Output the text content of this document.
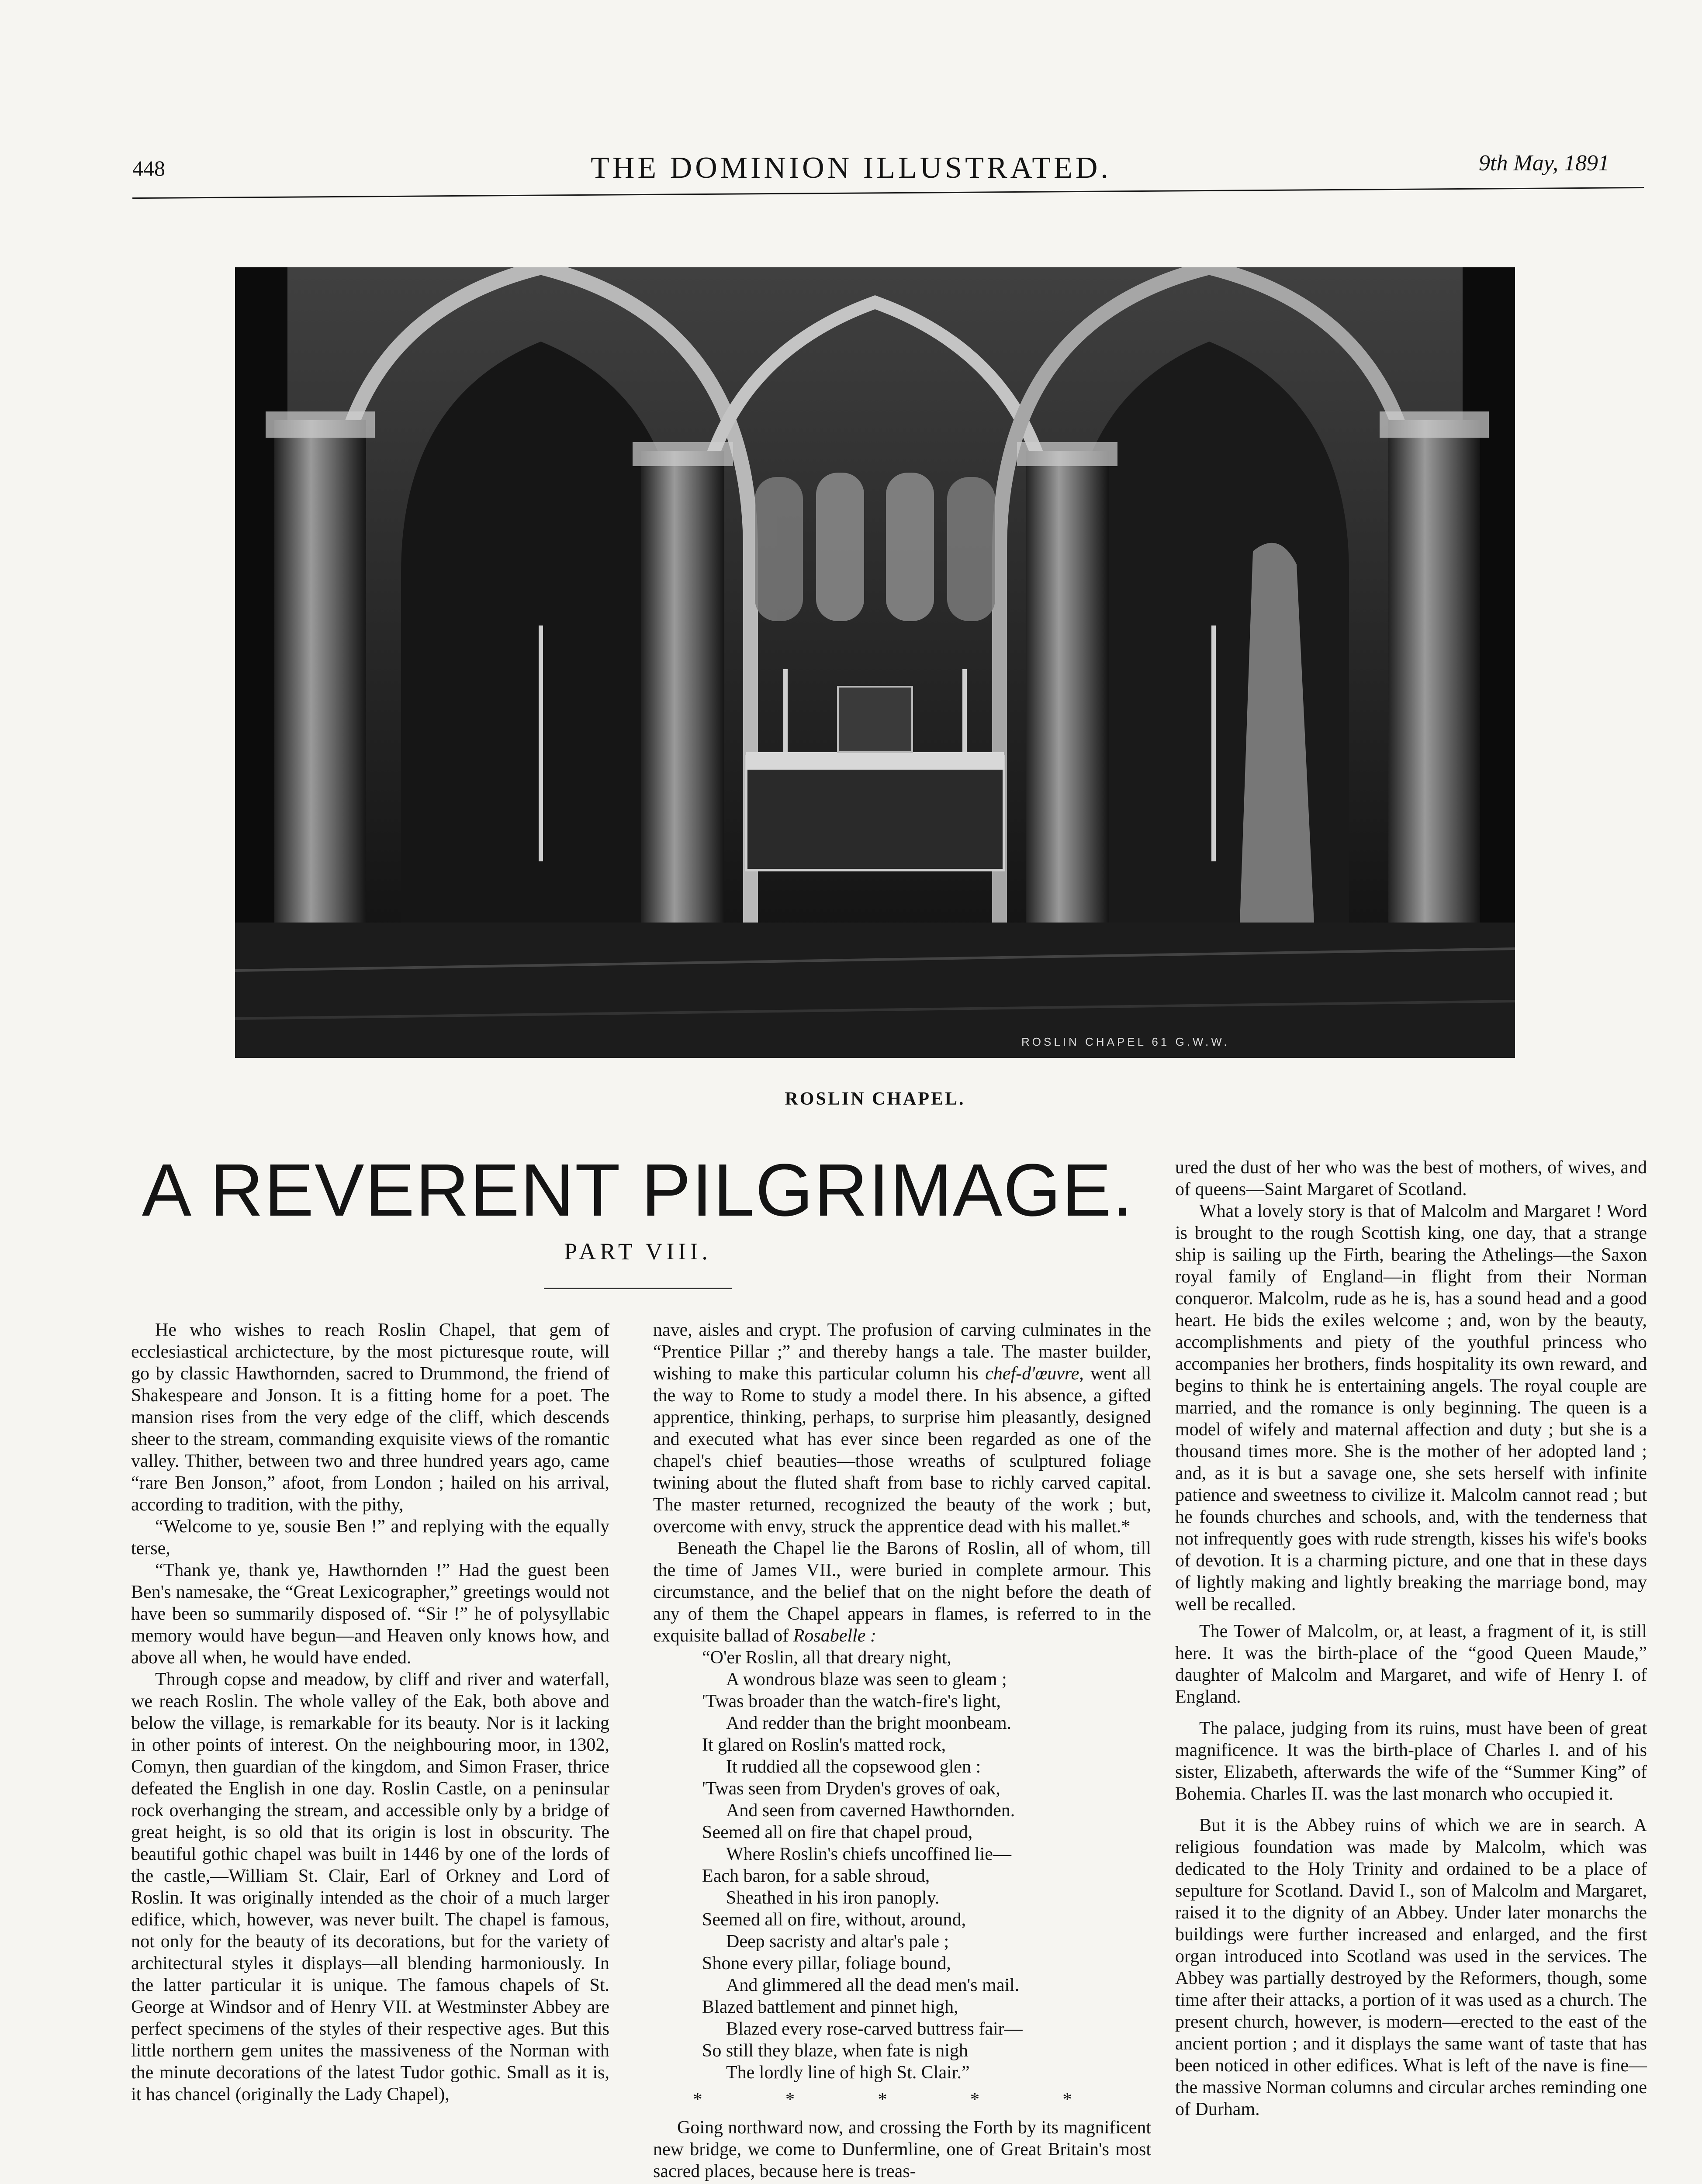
448	THE DOMINION ILLUSTRATED.	9th May, 1891
ROSLIN CHAPEL 61 G.W.W.
ROSLIN CHAPEL.
A REVERENT PILGRIMAGE.
PART VIII.

He who wishes to reach Roslin Chapel, that gem of ecclesiastical archictecture, by the most picturesque route, will go by classic Hawthornden, sacred to Drummond, the friend of Shakespeare and Jonson. It is a fitting home for a poet. The mansion rises from the very edge of the cliff, which descends sheer to the stream, commanding exquisite views of the romantic valley. Thither, between two and three hundred years ago, came “rare Ben Jonson,” afoot, from London ; hailed on his arrival, according to tradition, with the pithy,

“Welcome to ye, sousie Ben !” and replying with the equally terse,

“Thank ye, thank ye, Hawthornden !” Had the guest been Ben's namesake, the “Great Lexicographer,” greetings would not have been so summarily disposed of. “Sir !” he of polysyllabic memory would have begun—and Heaven only knows how, and above all when, he would have ended.

Through copse and meadow, by cliff and river and waterfall, we reach Roslin. The whole valley of the Eak, both above and below the village, is remarkable for its beauty. Nor is it lacking in other points of interest. On the neighbouring moor, in 1302, Comyn, then guardian of the kingdom, and Simon Fraser, thrice defeated the English in one day. Roslin Castle, on a peninsular rock overhanging the stream, and accessible only by a bridge of great height, is so old that its origin is lost in obscurity. The beautiful gothic chapel was built in 1446 by one of the lords of the castle,—William St. Clair, Earl of Orkney and Lord of Roslin. It was originally intended as the choir of a much larger edifice, which, however, was never built. The chapel is famous, not only for the beauty of its decorations, but for the variety of architectural styles it displays—all blending harmoniously. In the latter particular it is unique. The famous chapels of St. George at Windsor and of Henry VII. at Westminster Abbey are perfect specimens of the styles of their respective ages. But this little northern gem unites the massiveness of the Norman with the minute decorations of the latest Tudor gothic. Small as it is, it has chancel (originally the Lady Chapel),

nave, aisles and crypt. The profusion of carving culminates in the “Prentice Pillar ;” and thereby hangs a tale. The master builder, wishing to make this particular column his chef-d'œuvre, went all the way to Rome to study a model there. In his absence, a gifted apprentice, thinking, perhaps, to surprise him pleasantly, designed and executed what has ever since been regarded as one of the chapel's chief beauties—those wreaths of sculptured foliage twining about the fluted shaft from base to richly carved capital. The master returned, recognized the beauty of the work ; but, overcome with envy, struck the apprentice dead with his mallet.*

Beneath the Chapel lie the Barons of Roslin, all of whom, till the time of James VII., were buried in complete armour. This circumstance, and the belief that on the night before the death of any of them the Chapel appears in flames, is referred to in the exquisite ballad of Rosabelle :

“O'er Roslin, all that dreary night,
A wondrous blaze was seen to gleam ;
'Twas broader than the watch-fire's light,
And redder than the bright moonbeam.
It glared on Roslin's matted rock,
It ruddied all the copsewood glen :
'Twas seen from Dryden's groves of oak,
And seen from caverned Hawthornden.
Seemed all on fire that chapel proud,
Where Roslin's chiefs uncoffined lie—
Each baron, for a sable shroud,
Sheathed in his iron panoply.
Seemed all on fire, without, around,
Deep sacristy and altar's pale ;
Shone every pillar, foliage bound,
And glimmered all the dead men's mail.
Blazed battlement and pinnet high,
Blazed every rose-carved buttress fair—
So still they blaze, when fate is nigh
The lordly line of high St. Clair.”
* * * * *

Going northward now, and crossing the Forth by its magnificent new bridge, we come to Dunfermline, one of Great Britain's most sacred places, because here is treas-

ured the dust of her who was the best of mothers, of wives, and of queens—Saint Margaret of Scotland.

What a lovely story is that of Malcolm and Margaret ! Word is brought to the rough Scottish king, one day, that a strange ship is sailing up the Firth, bearing the Athelings—the Saxon royal family of England—in flight from their Norman conqueror. Malcolm, rude as he is, has a sound head and a good heart. He bids the exiles welcome ; and, won by the beauty, accomplishments and piety of the youthful princess who accompanies her brothers, finds hospitality its own reward, and begins to think he is entertaining angels. The royal couple are married, and the romance is only beginning. The queen is a model of wifely and maternal affection and duty ; but she is a thousand times more. She is the mother of her adopted land ; and, as it is but a savage one, she sets herself with infinite patience and sweetness to civilize it. Malcolm cannot read ; but he founds churches and schools, and, with the tenderness that not infrequently goes with rude strength, kisses his wife's books of devotion. It is a charming picture, and one that in these days of lightly making and lightly breaking the marriage bond, may well be recalled.

The Tower of Malcolm, or, at least, a fragment of it, is still here. It was the birth-place of the “good Queen Maude,” daughter of Malcolm and Margaret, and wife of Henry I. of England.

The palace, judging from its ruins, must have been of great magnificence. It was the birth-place of Charles I. and of his sister, Elizabeth, afterwards the wife of the “Summer King” of Bohemia. Charles II. was the last monarch who occupied it.

But it is the Abbey ruins of which we are in search. A religious foundation was made by Malcolm, which was dedicated to the Holy Trinity and ordained to be a place of sepulture for Scotland. David I., son of Malcolm and Margaret, raised it to the dignity of an Abbey. Under later monarchs the buildings were further increased and enlarged, and the first organ introduced into Scotland was used in the services. The Abbey was partially destroyed by the Reformers, though, some time after their attacks, a portion of it was used as a church. The present church, however, is modern—erected to the east of the ancient portion ; and it displays the same want of taste that has been noticed in other edifices. What is left of the nave is fine—the massive Norman columns and circular arches reminding one of Durham.
